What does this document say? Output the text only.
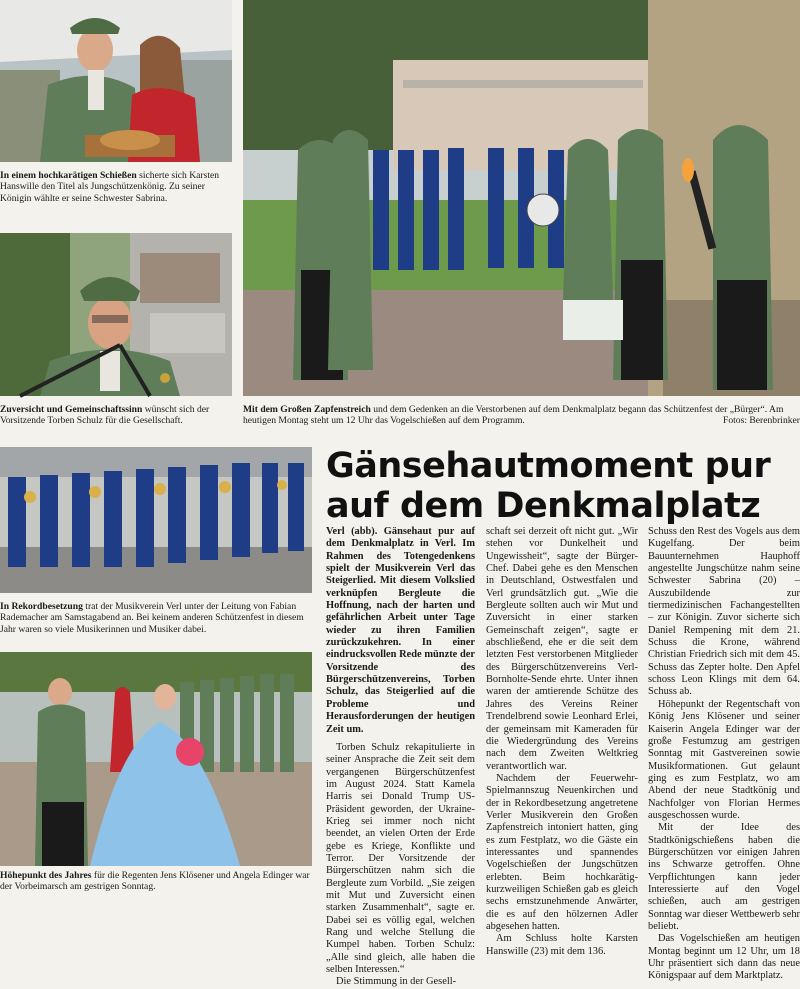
In einem hochkarätigen Schießen sicherte sich Karsten Hanswille den Titel als Jungschützenkönig. Zu seiner Königin wählte er seine Schwester Sabrina.
Zuversicht und Gemeinschaftssinn wünscht sich der Vorsitzende Torben Schulz für die Gesellschaft.
Mit dem Großen Zapfenstreich und dem Gedenken an die Verstorbenen auf dem Denkmalplatz begann das Schützenfest der „Bürger“. Am heutigen Montag steht um 12 Uhr das Vogelschießen auf dem Programm.	Fotos: Berenbrinker
In Rekordbesetzung trat der Musikverein Verl unter der Leitung von Fabian Rademacher am Samstagabend an. Bei keinem anderen Schützenfest in diesem Jahr waren so viele Musikerinnen und Musiker dabei.
Höhepunkt des Jahres für die Regenten Jens Klösener und Angela Edinger war der Vorbeimarsch am gestrigen Sonntag.
Gänsehautmoment pur
auf dem Denkmalplatz

Verl (abb). Gänsehaut pur auf dem Denkmalplatz in Verl. Im Rahmen des Totengedenkens spielt der Musikverein Verl das Steigerlied. Mit diesem Volkslied verknüpfen Bergleute die Hoffnung, nach der harten und gefährlichen Arbeit unter Tage wieder zu ihren Familien zurückzukehren. In einer eindrucksvollen Rede münzte der Vorsitzende des Bürgerschützenvereins, Torben Schulz, das Steigerlied auf die Probleme und Herausforderungen der heutigen Zeit um.

Torben Schulz rekapitulierte in seiner Ansprache die Zeit seit dem vergangenen Bürgerschützenfest im August 2024. Statt Kamela Harris sei Donald Trump US-Präsident geworden, der Ukraine-Krieg sei immer noch nicht beendet, an vielen Orten der Erde gebe es Kriege, Konflikte und Terror. Der Vorsitzende der Bürgerschützen nahm sich die Bergleute zum Vorbild. „Sie zeigen mit Mut und Zuversicht einen starken Zusammenhalt“, sagte er. Dabei sei es völlig egal, welchen Rang und welche Stellung die Kumpel haben. Torben Schulz: „Alle sind gleich, alle haben die selben Interessen.“

Die Stimmung in der Gesell-

schaft sei derzeit oft nicht gut. „Wir stehen vor Dunkelheit und Ungewissheit“, sagte der Bürger-Chef. Dabei gehe es den Menschen in Deutschland, Ostwestfalen und Verl grundsätzlich gut. „Wie die Bergleute sollten auch wir Mut und Zuversicht in einer starken Gemeinschaft zeigen“, sagte er abschließend, ehe er die seit dem letzten Fest verstorbenen Mitglieder des Bürgerschützenvereins Verl-Bornholte-Sende ehrte. Unter ihnen waren der amtierende Schütze des Jahres des Vereins Reiner Trendelbrend sowie Leonhard Erlei, der gemeinsam mit Kameraden für die Wiedergründung des Vereins nach dem Zweiten Weltkrieg verantwortlich war.

Nachdem der Feuerwehr-Spielmannszug Neuenkirchen und der in Rekordbesetzung angetretene Verler Musikverein den Großen Zapfenstreich intoniert hatten, ging es zum Festplatz, wo die Gäste ein interessantes und spannendes Vogelschießen der Jungschützen erlebten. Beim hochkarätig-kurzweiligen Schießen gab es gleich sechs ernstzunehmende Anwärter, die es auf den hölzernen Adler abgesehen hatten.

Am Schluss holte Karsten Hanswille (23) mit dem 136.

Schuss den Rest des Vogels aus dem Kugelfang. Der beim Bauunternehmen Hauphoff angestellte Jungschütze nahm seine Schwester Sabrina (20) – Auszubildende zur tiermedizinischen Fachangestellten – zur Königin. Zuvor sicherte sich Daniel Rempening mit dem 21. Schuss die Krone, während Christian Friedrich sich mit dem 45. Schuss das Zepter holte. Den Apfel schoss Leon Klings mit dem 64. Schuss ab.

Höhepunkt der Regentschaft von König Jens Klösener und seiner Kaiserin Angela Edinger war der große Festumzug am gestrigen Sonntag mit Gastvereinen sowie Musikformationen. Gut gelaunt ging es zum Festplatz, wo am Abend der neue Stadtkönig und Nachfolger von Florian Hermes ausgeschossen wurde.

Mit der Idee des Stadtkönigschießens haben die Bürgerschützen vor einigen Jahren ins Schwarze getroffen. Ohne Verpflichtungen kann jeder Interessierte auf den Vogel schießen, auch am gestrigen Sonntag war dieser Wettbewerb sehr beliebt.

Das Vogelschießen am heutigen Montag beginnt um 12 Uhr, um 18 Uhr präsentiert sich dann das neue Königspaar auf dem Marktplatz.
